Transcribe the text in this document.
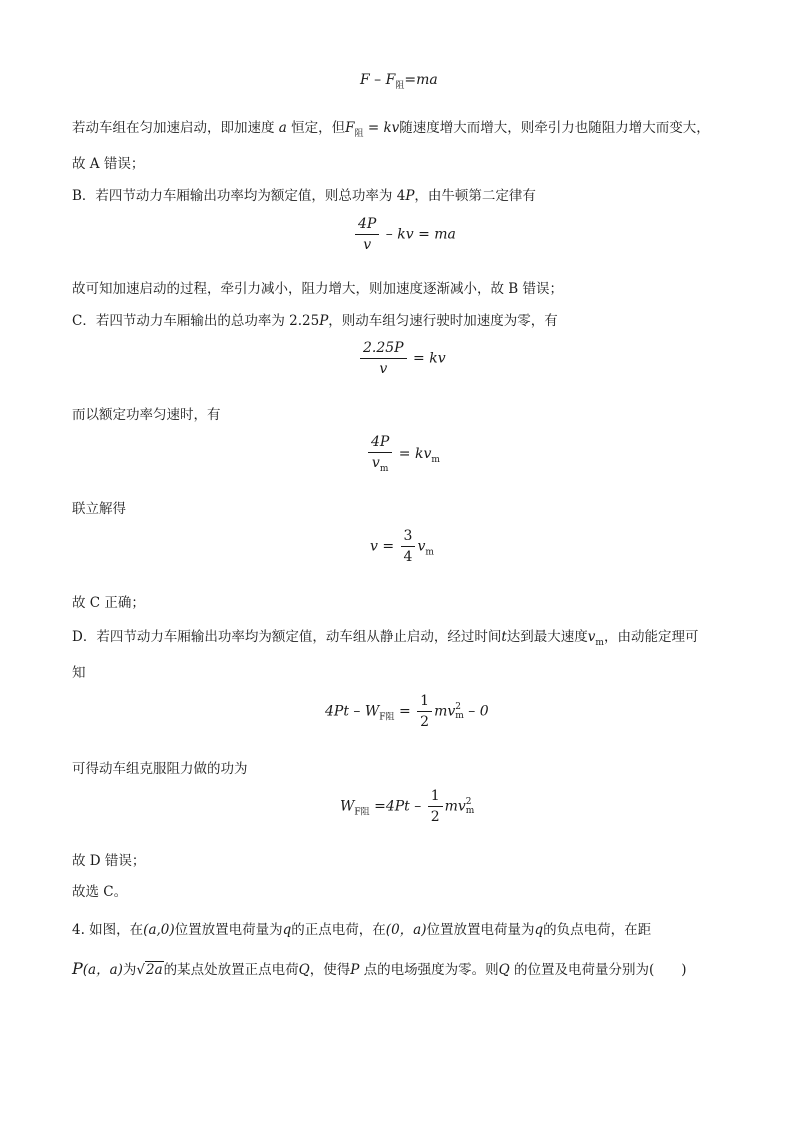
$F - F_阻=ma$
若动车组在匀加速启动，即加速度 a 恒定，但$F_阻$ = kv随速度增大而增大，则牵引力也随阻力增大而变大，
故 A 错误；
B．若四节动力车厢输出功率均为额定值，则总功率为 4P，由牛顿第二定律有
$\frac{4P}{v}$ – kv = ma
故可知加速启动的过程，牵引力减小，阻力增大，则加速度逐渐减小，故 B 错误；
C．若四节动力车厢输出的总功率为 2.25P，则动车组匀速行驶时加速度为零，有
$\frac{2.25P}{v}$ = kv
而以额定功率匀速时，有
$\frac{4P}{v_m} = kv_m$
联立解得
$v = \frac{3}{4} v_m$
故 C 正确；
D．若四节动力车厢输出功率均为额定值，动车组从静止启动，经过时间t达到最大速度$v_m$，由动能定理可
知
$4Pt - W_{F阻} = \frac{1}{2}$ mv 2
m – 0
可得动车组克服阻力做的功为
$W_{F阻} =4Pt - \frac{1}{2}$ mv 2
m
故 D 错误；
故选 C。
4. 如图，在(a,0)位置放置电荷量为q的正点电荷，在(0，a)位置放置电荷量为q的负点电荷，在距
P(a，a)为√2a的某点处放置正点电荷Q，使得P 点的电场强度为零。则Q 的位置及电荷量分别为(　　)
